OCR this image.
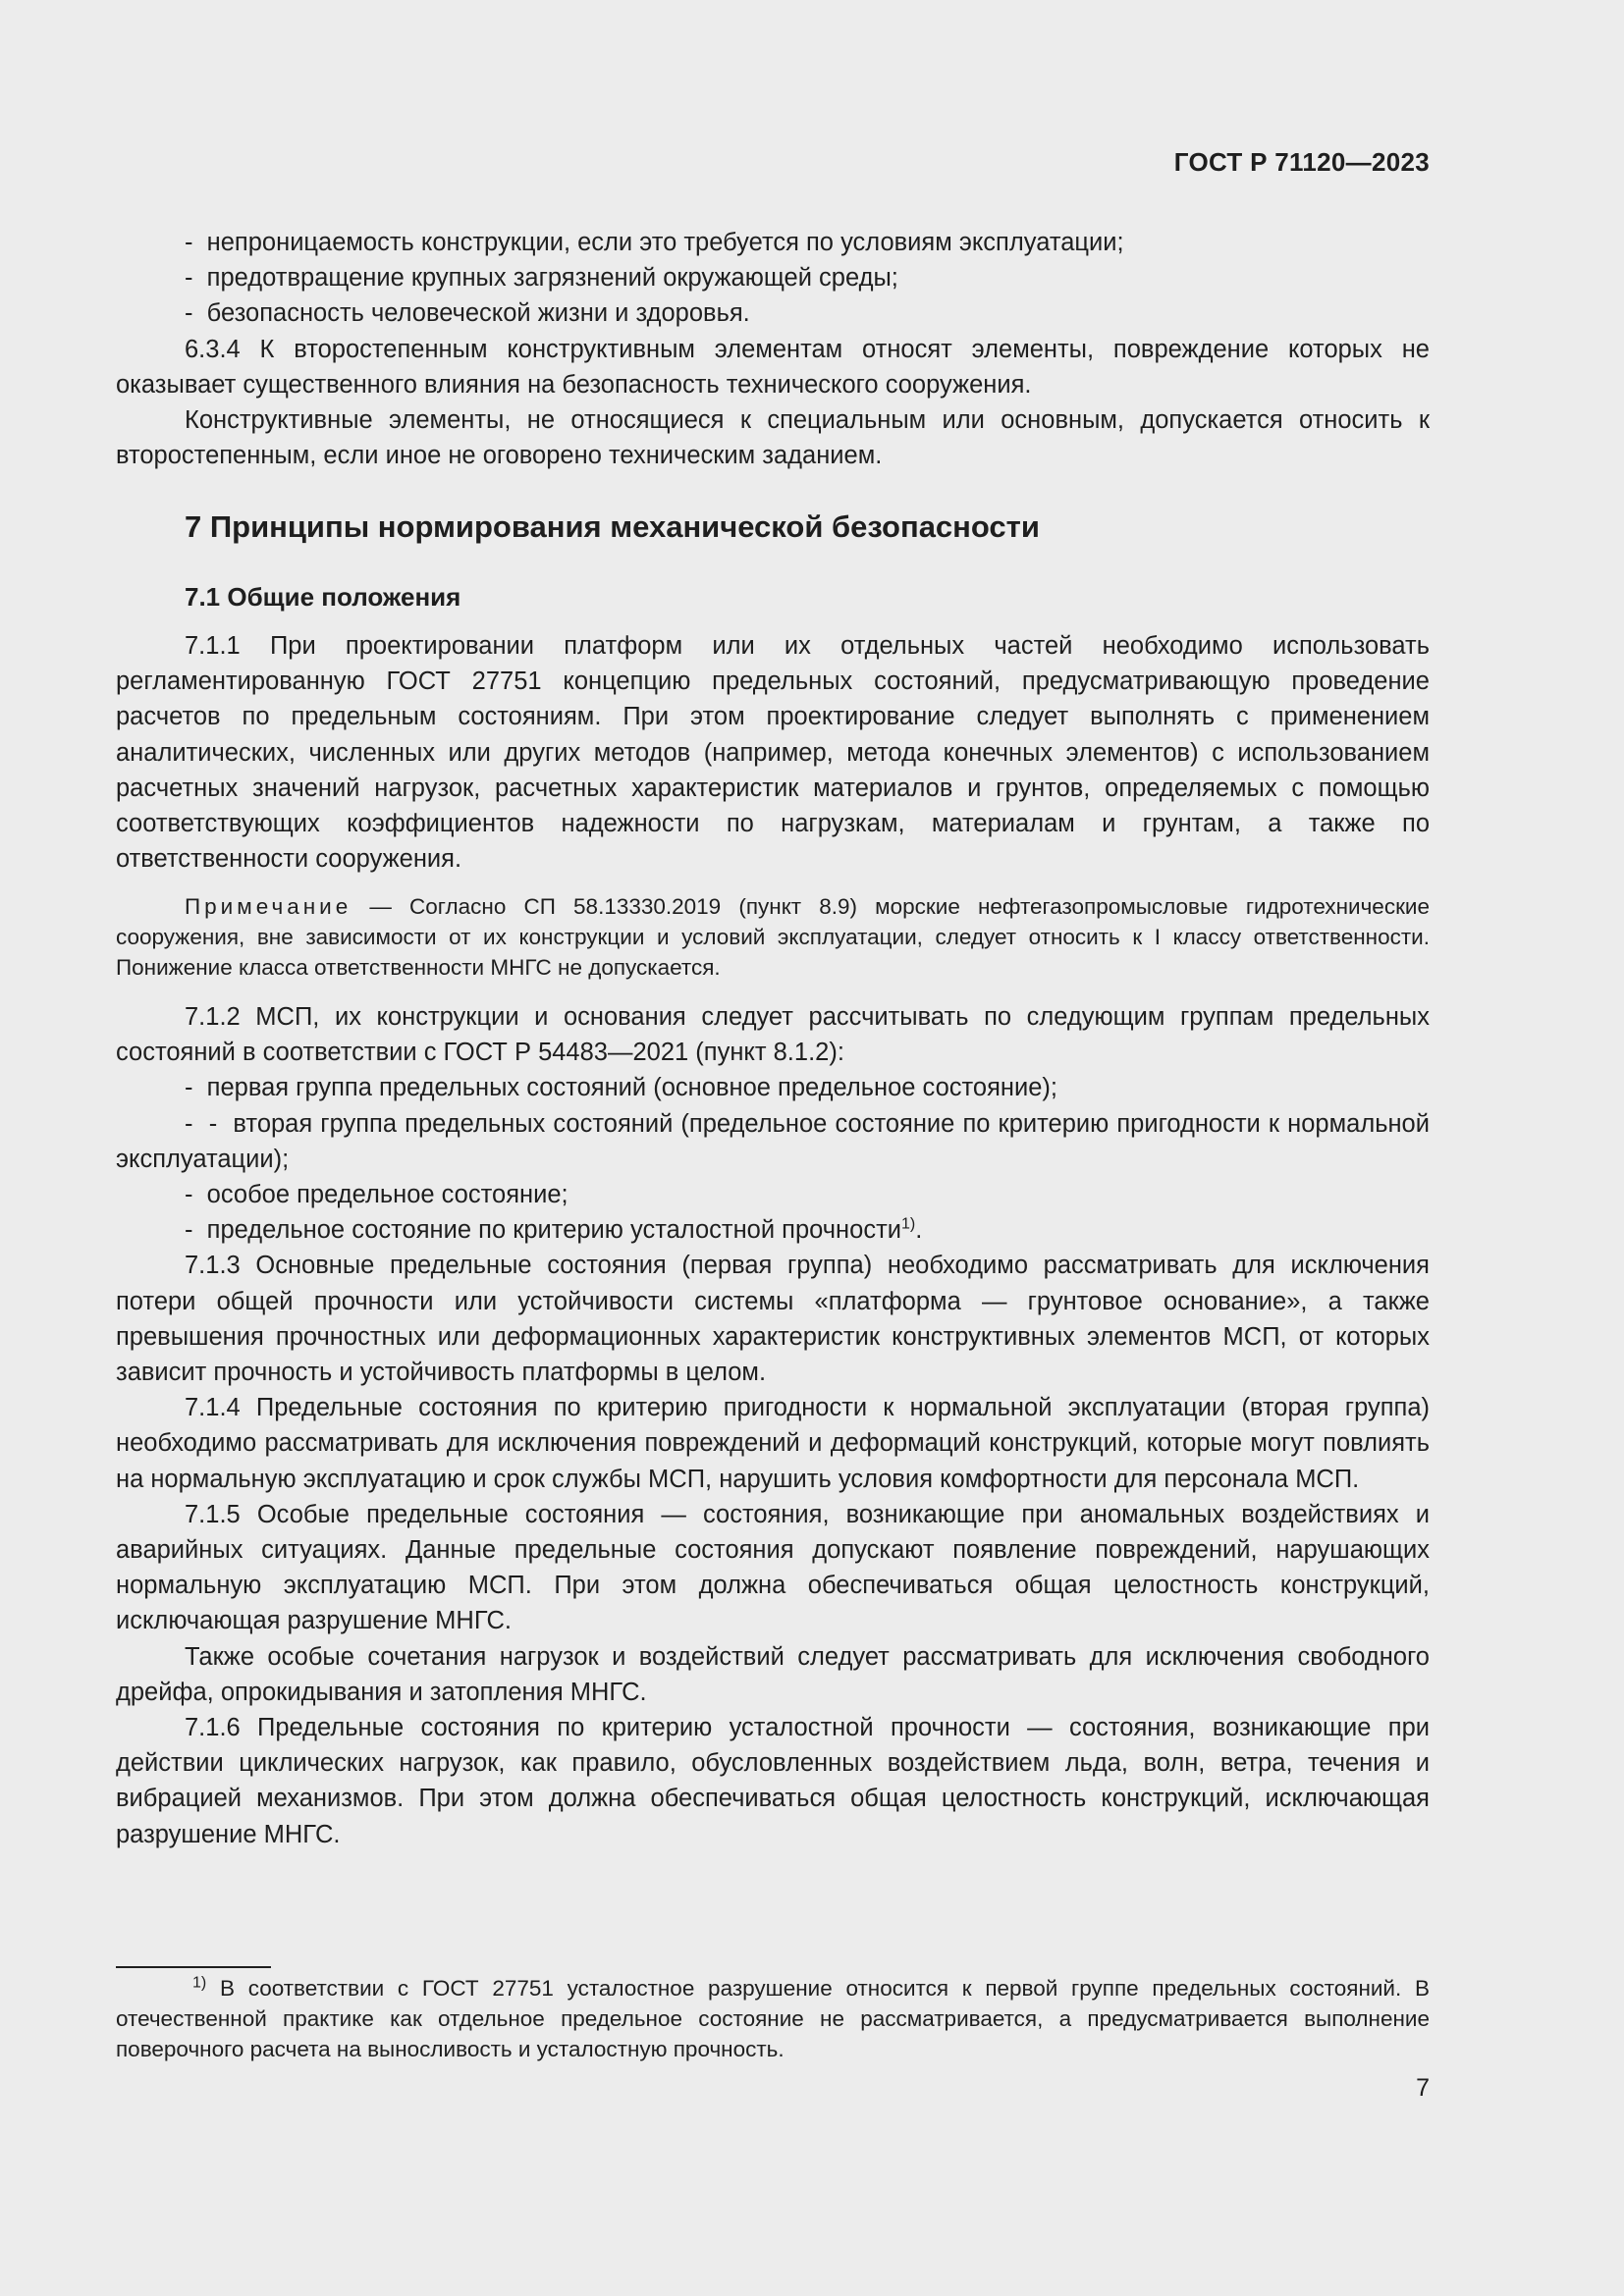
ГОСТ Р 71120—2023

-  непроницаемость конструкции, если это требуется по условиям эксплуатации;

-  предотвращение крупных загрязнений окружающей среды;

-  безопасность человеческой жизни и здоровья.

6.3.4 К второстепенным конструктивным элементам относят элементы, повреждение которых не оказывает существенного влияния на безопасность технического сооружения.

Конструктивные элементы, не относящиеся к специальным или основным, допускается относить к второстепенным, если иное не оговорено техническим заданием.

7 Принципы нормирования механической безопасности
7.1 Общие положения

7.1.1 При проектировании платформ или их отдельных частей необходимо использовать регламентированную ГОСТ 27751 концепцию предельных состояний, предусматривающую проведение расчетов по предельным состояниям. При этом проектирование следует выполнять с применением аналитических, численных или других методов (например, метода конечных элементов) с использованием расчетных значений нагрузок, расчетных характеристик материалов и грунтов, определяемых с помощью соответствующих коэффициентов надежности по нагрузкам, материалам и грунтам, а также по ответственности сооружения.

Примечание — Согласно СП 58.13330.2019 (пункт 8.9) морские нефтегазопромысловые гидротехнические сооружения, вне зависимости от их конструкции и условий эксплуатации, следует относить к I классу ответственности. Понижение класса ответственности МНГС не допускается.

7.1.2 МСП, их конструкции и основания следует рассчитывать по следующим группам предельных состояний в соответствии с ГОСТ Р 54483—2021 (пункт 8.1.2):

-  первая группа предельных состояний (основное предельное состояние);

-  -  вторая группа предельных состояний (предельное состояние по критерию пригодности к нормальной эксплуатации);

-  особое предельное состояние;

-  предельное состояние по критерию усталостной прочности$^{1)}$.

7.1.3 Основные предельные состояния (первая группа) необходимо рассматривать для исключения потери общей прочности или устойчивости системы «платформа — грунтовое основание», а также превышения прочностных или деформационных характеристик конструктивных элементов МСП, от которых зависит прочность и устойчивость платформы в целом.

7.1.4 Предельные состояния по критерию пригодности к нормальной эксплуатации (вторая группа) необходимо рассматривать для исключения повреждений и деформаций конструкций, которые могут повлиять на нормальную эксплуатацию и срок службы МСП, нарушить условия комфортности для персонала МСП.

7.1.5 Особые предельные состояния — состояния, возникающие при аномальных воздействиях и аварийных ситуациях. Данные предельные состояния допускают появление повреждений, нарушающих нормальную эксплуатацию МСП. При этом должна обеспечиваться общая целостность конструкций, исключающая разрушение МНГС.

Также особые сочетания нагрузок и воздействий следует рассматривать для исключения свободного дрейфа, опрокидывания и затопления МНГС.

7.1.6 Предельные состояния по критерию усталостной прочности — состояния, возникающие при действии циклических нагрузок, как правило, обусловленных воздействием льда, волн, ветра, течения и вибрацией механизмов. При этом должна обеспечиваться общая целостность конструкций, исключающая разрушение МНГС.

$^{1)}$ В соответствии с ГОСТ 27751 усталостное разрушение относится к первой группе предельных состояний. В отечественной практике как отдельное предельное состояние не рассматривается, а предусматривается выполнение поверочного расчета на выносливость и усталостную прочность.

7
